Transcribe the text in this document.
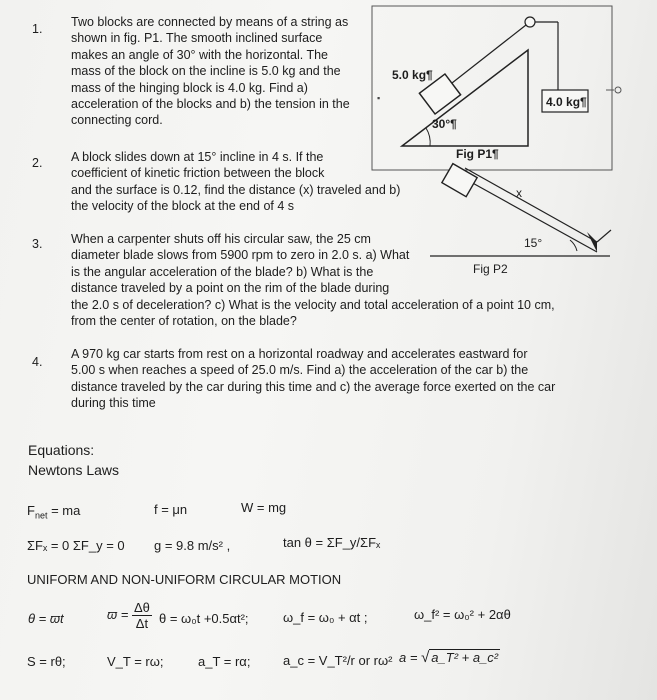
1. Two blocks are connected by means of a string as
shown in fig. P1. The smooth inclined surface
makes an angle of 30° with the horizontal. The
mass of the block on the incline is 5.0 kg and the
mass of the hinging block is 4.0 kg. Find a)
acceleration of the blocks and b) the tension in the
connecting cord.
▪
5.0 kg¶
4.0 kg¶
30°¶
Fig P1¶
2. A block slides down at 15° incline in 4 s. If the
coefficient of kinetic friction between the block
and the surface is 0.12, find the distance (x) traveled and b)
the velocity of the block at the end of 4 s
x
15°
Fig P2
3. When a carpenter shuts off his circular saw, the 25 cm
diameter blade slows from 5900 rpm to zero in 2.0 s. a) What
is the angular acceleration of the blade? b) What is the
distance traveled by a point on the rim of the blade during
the 2.0 s of deceleration? c) What is the velocity and total acceleration of a point 10 cm,
from the center of rotation, on the blade?
4.
A 970 kg car starts from rest on a horizontal roadway and accelerates eastward for
5.00 s when reaches a speed of 25.0 m/s. Find a) the acceleration of the car b) the
distance traveled by the car during this time and c) the average force exerted on the car
during this time
Equations:
Newtons Laws
$F_{net}$ = ma	f = μn	W = mg
ΣFₓ = 0 ΣF_y = 0 g = 9.8 m/s² ,	tan θ = ΣF_y/ΣFₓ
UNIFORM AND NON-UNIFORM CIRCULAR MOTION
θ = ϖt	$ϖ = \frac{\Delta\theta}{\Delta t}$ θ = ω₀t +0.5αt²;	ω_f = ω₀ + αt ;	ω_f² = ω₀² + 2αθ
S = rθ;	V_T = rω;	a_T = rα;	a_c = V_T²/r or rω² a = √ a_T² + a_c²
